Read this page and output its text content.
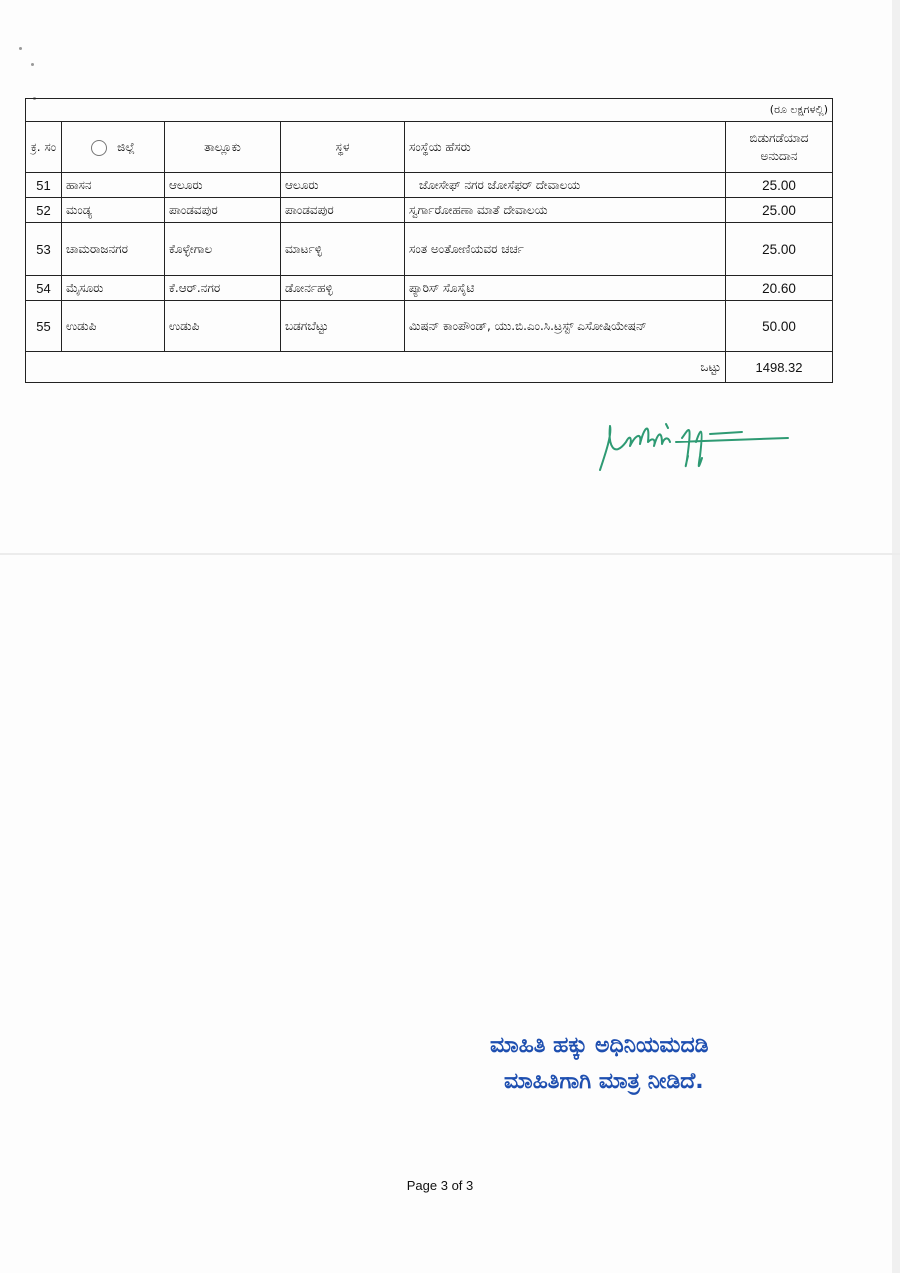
(ರೂ ಲಕ್ಷಗಳಲ್ಲಿ)					
ಕ್ರ. ಸಂ	ಜಿಲ್ಲೆ	ತಾಲ್ಲೂಕು	ಸ್ಥಳ	ಸಂಸ್ಥೆಯ ಹೆಸರು	ಬಿಡುಗಡೆಯಾದ ಅನುದಾನ
51	ಹಾಸನ	ಆಲೂರು	ಆಲೂರು	ಜೋಸೇಫ್ ನಗರ ಜೋಸೆಫರ್ ದೇವಾಲಯ	25.00
52	ಮಂಡ್ಯ	ಪಾಂಡವಪುರ	ಪಾಂಡವಪುರ	ಸ್ವರ್ಗಾರೋಹಣಾ ಮಾತೆ ದೇವಾಲಯ	25.00
53	ಚಾಮರಾಜನಗರ	ಕೊಳ್ಳೇಗಾಲ	ಮಾರ್ಟಳ್ಳಿ	ಸಂತ ಅಂತೋಣಿಯವರ ಚರ್ಚ	25.00
54	ಮೈಸೂರು	ಕೆ.ಆರ್.ನಗರ	ಡೋರ್ನಹಳ್ಳಿ	ಪ್ಯಾರಿಸ್ ಸೊಸೈಟಿ	20.60
55	ಉಡುಪಿ	ಉಡುಪಿ	ಬಡಗಬೆಟ್ಟು	ಮಿಷನ್ ಕಾಂಪೌಂಡ್, ಯು.ಬಿ.ಎಂ.ಸಿ.ಟ್ರಸ್ಟ್ ಎಸೋಷಿಯೇಷನ್	50.00
ಒಟ್ಟು					1498.32
ಮಾಹಿತಿ ಹಕ್ಕು ಅಧಿನಿಯಮದಡಿ
ಮಾಹಿತಿಗಾಗಿ ಮಾತ್ರ ನೀಡಿದೆ.
Page 3 of 3
